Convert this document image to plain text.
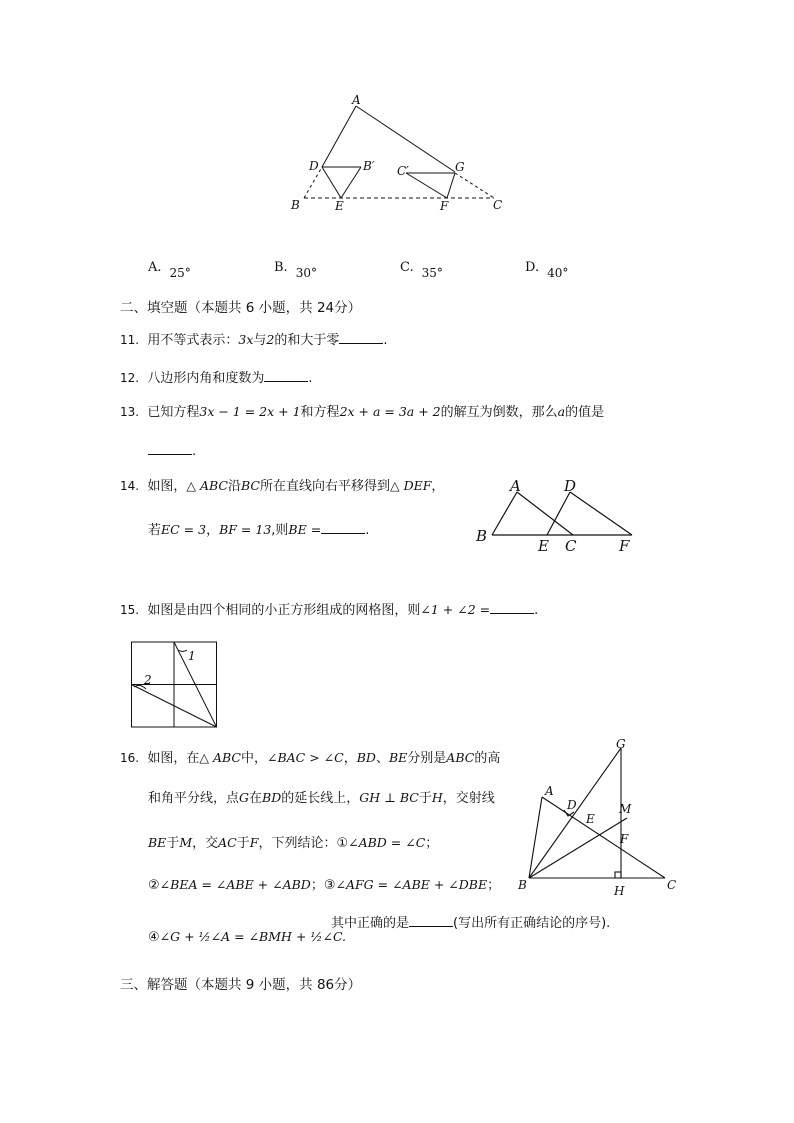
A
D	B′ C′	G
B	E	F	C
A. $_{25^\circ}$	B. $_{30^\circ}$	C. $_{35^\circ}$	D. $_{40^\circ}$
二、填空题（本题共 6 小题，共 24分）
11. 用不等式表示：3x与2的和大于零	.
12. 八边形内角和度数为	.
13. 已知方程3x − 1 = 2x + 1和方程2x + a = 3a + 2的解互为倒数，那么a的值是
.
14. 如图，△ ABC沿BC所在直线向右平移得到△ DEF，
若EC = 3，BF = 13,则BE =	.
A	D
B
E C	F
15. 如图是由四个相同的小正方形组成的网格图，则∠1 + ∠2 =	.
1
2
16. 如图，在△ ABC中，∠BAC > ∠C，BD、BE分别是ABC的高
和角平分线，点G在BD的延长线上，GH ⊥ BC于H，交射线
BE于M，交AC于F，下列结论：①∠ABD = ∠C；
②∠BEA = ∠ABE + ∠ABD；③∠AFG = ∠ABE + ∠DBE；
④∠G + ½∠A = ∠BMH + ½∠C.
其中正确的是	(写出所有正确结论的序号).
G
A
D	M
E
F
B	H	C
三、解答题（本题共 9 小题，共 86分）
